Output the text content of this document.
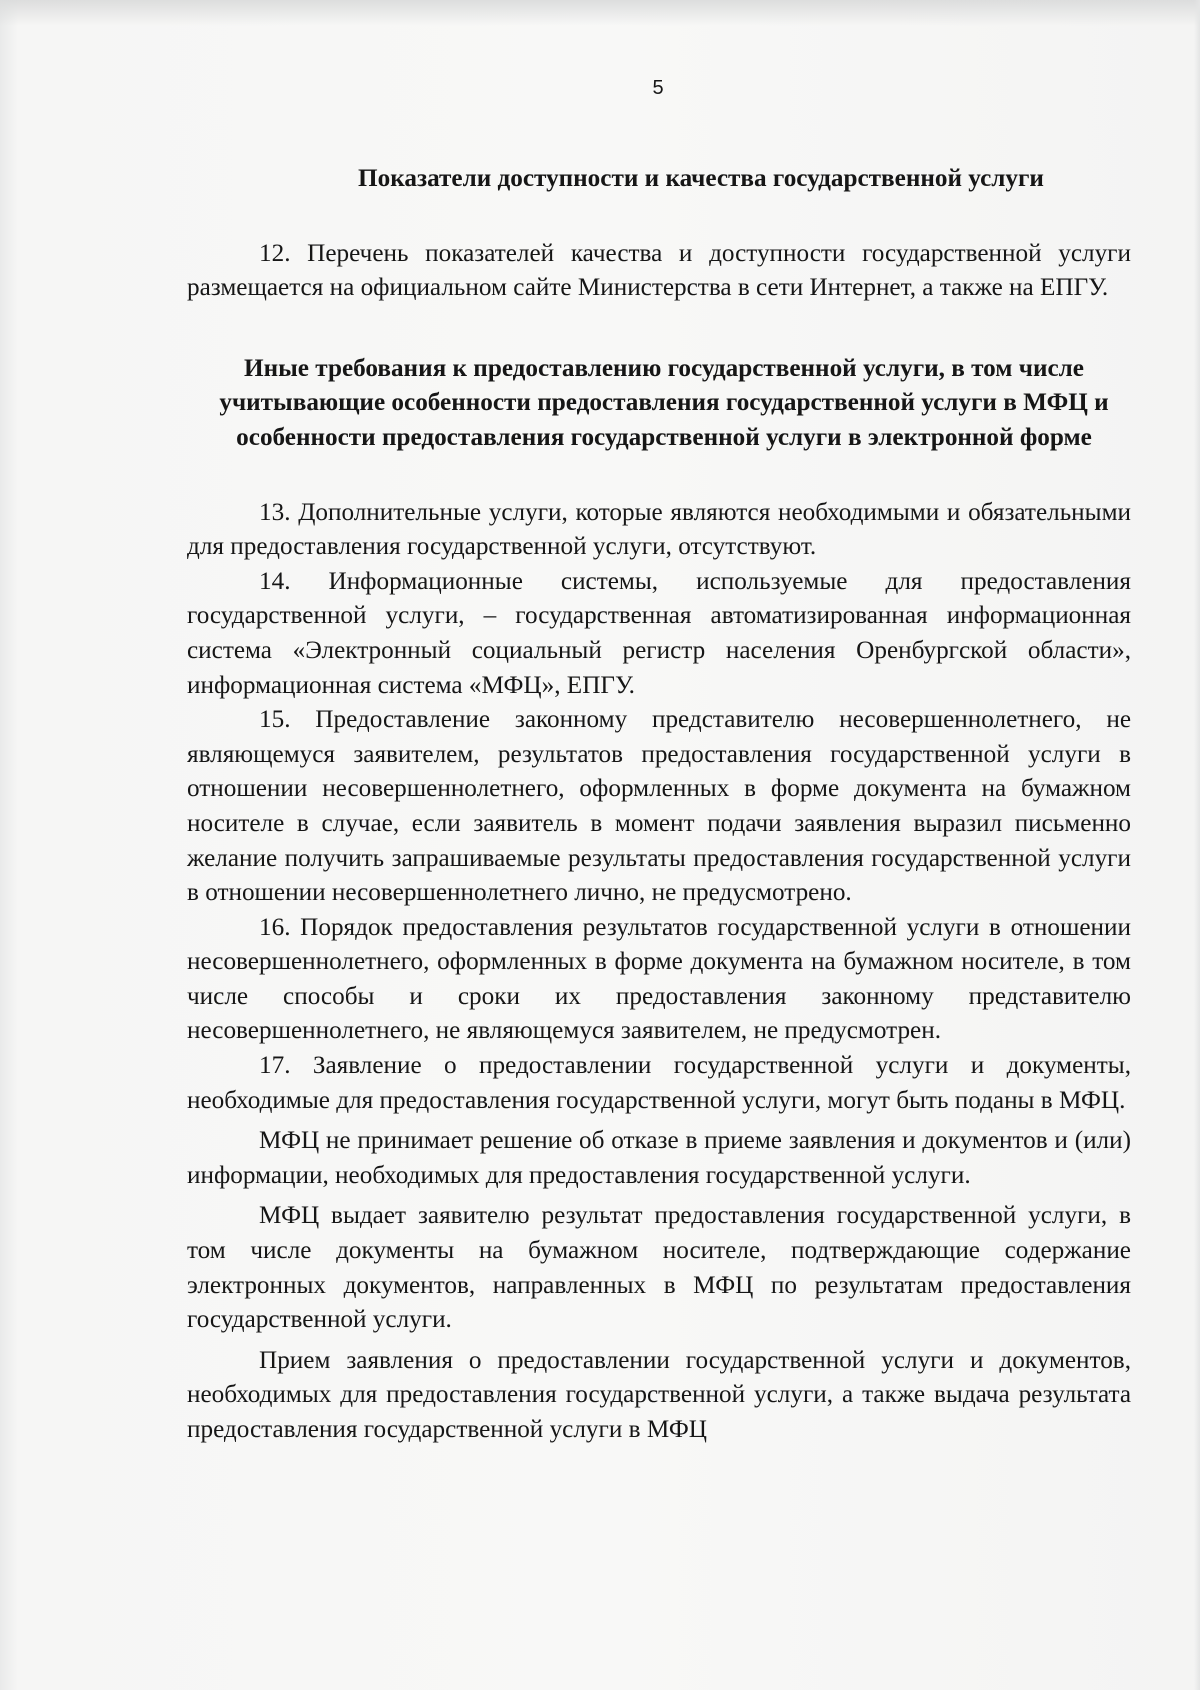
5

Показатели доступности и качества государственной услуги

12. Перечень показателей качества и доступности государственной услуги размещается на официальном сайте Министерства в сети Интернет, а также на ЕПГУ.

Иные требования к предоставлению государственной услуги, в том числе учитывающие особенности предоставления государственной услуги в МФЦ и особенности предоставления государственной услуги в электронной форме

13. Дополнительные услуги, которые являются необходимыми и обязательными для предоставления государственной услуги, отсутствуют.

14. Информационные системы, используемые для предоставления государственной услуги, – государственная автоматизированная информационная система «Электронный социальный регистр населения Оренбургской области», информационная система «МФЦ», ЕПГУ.

15. Предоставление законному представителю несовершеннолетнего, не являющемуся заявителем, результатов предоставления государственной услуги в отношении несовершеннолетнего, оформленных в форме документа на бумажном носителе в случае, если заявитель в момент подачи заявления выразил письменно желание получить запрашиваемые результаты предоставления государственной услуги в отношении несовершеннолетнего лично, не предусмотрено.

16. Порядок предоставления результатов государственной услуги в отношении несовершеннолетнего, оформленных в форме документа на бумажном носителе, в том числе способы и сроки их предоставления законному представителю несовершеннолетнего, не являющемуся заявителем, не предусмотрен.

17. Заявление о предоставлении государственной услуги и документы, необходимые для предоставления государственной услуги, могут быть поданы в МФЦ.

МФЦ не принимает решение об отказе в приеме заявления и документов и (или) информации, необходимых для предоставления государственной услуги.

МФЦ выдает заявителю результат предоставления государственной услуги, в том числе документы на бумажном носителе, подтверждающие содержание электронных документов, направленных в МФЦ по результатам предоставления государственной услуги.

Прием заявления о предоставлении государственной услуги и документов, необходимых для предоставления государственной услуги, а также выдача результата предоставления государственной услуги в МФЦ
